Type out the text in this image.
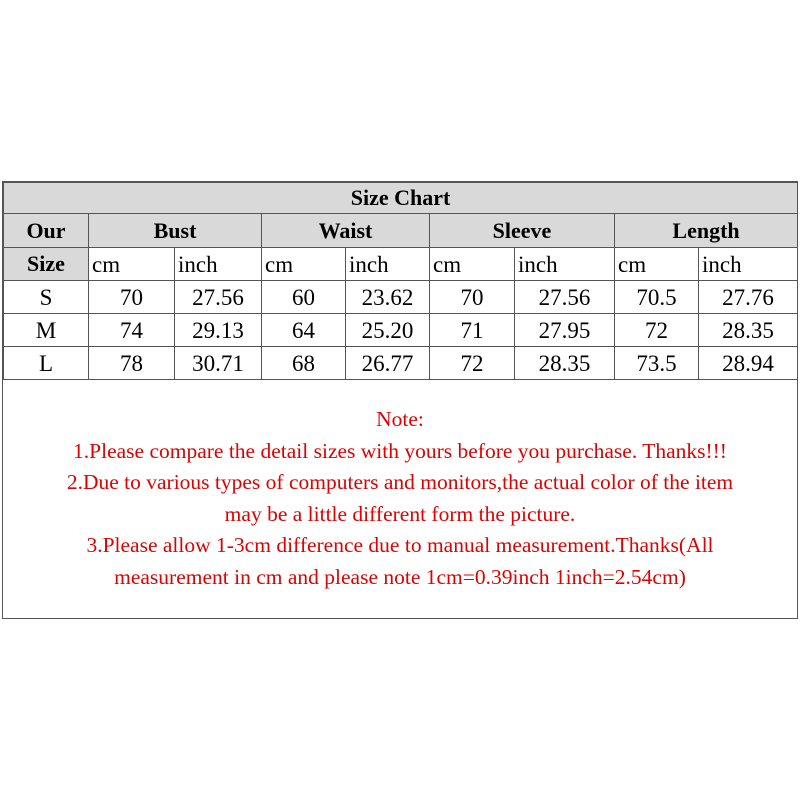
Size Chart								
Our	Bust		Waist		Sleeve		Length	
Size	cm	inch	cm	inch	cm	inch	cm	inch
S	70	27.56	60	23.62	70	27.56	70.5	27.76
M	74	29.13	64	25.20	71	27.95	72	28.35
L	78	30.71	68	26.77	72	28.35	73.5	28.94
Note:
1.Please compare the detail sizes with yours before you purchase. Thanks!!!
2.Due to various types of computers and monitors,the actual color of the item
may be a little different form the picture.
3.Please allow 1-3cm difference due to manual measurement.Thanks(All
measurement in cm and please note 1cm=0.39inch 1inch=2.54cm)
